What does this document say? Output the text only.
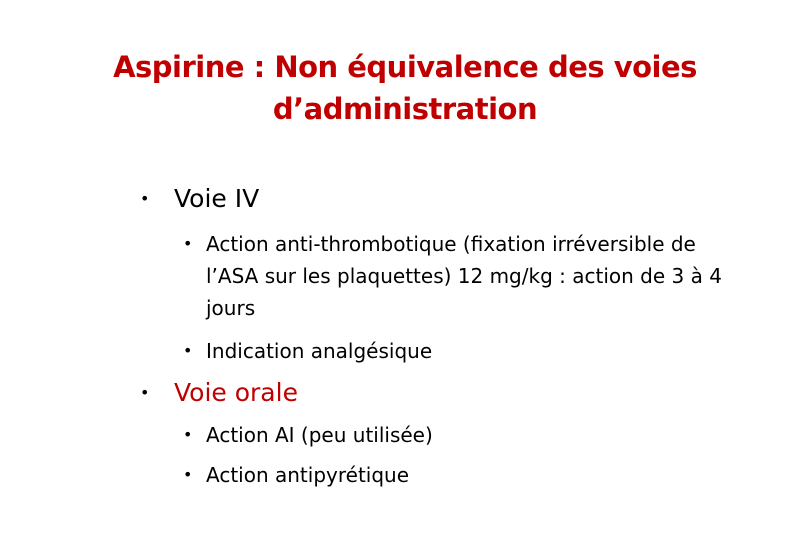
Aspirine : Non équivalence des voies
d’administration
• Voie IV
• Action anti-thrombotique (fixation irréversible de l’ASA sur les plaquettes) 12 mg/kg : action de 3 à 4 jours
• Indication analgésique
• Voie orale
• Action AI (peu utilisée)
• Action antipyrétique
